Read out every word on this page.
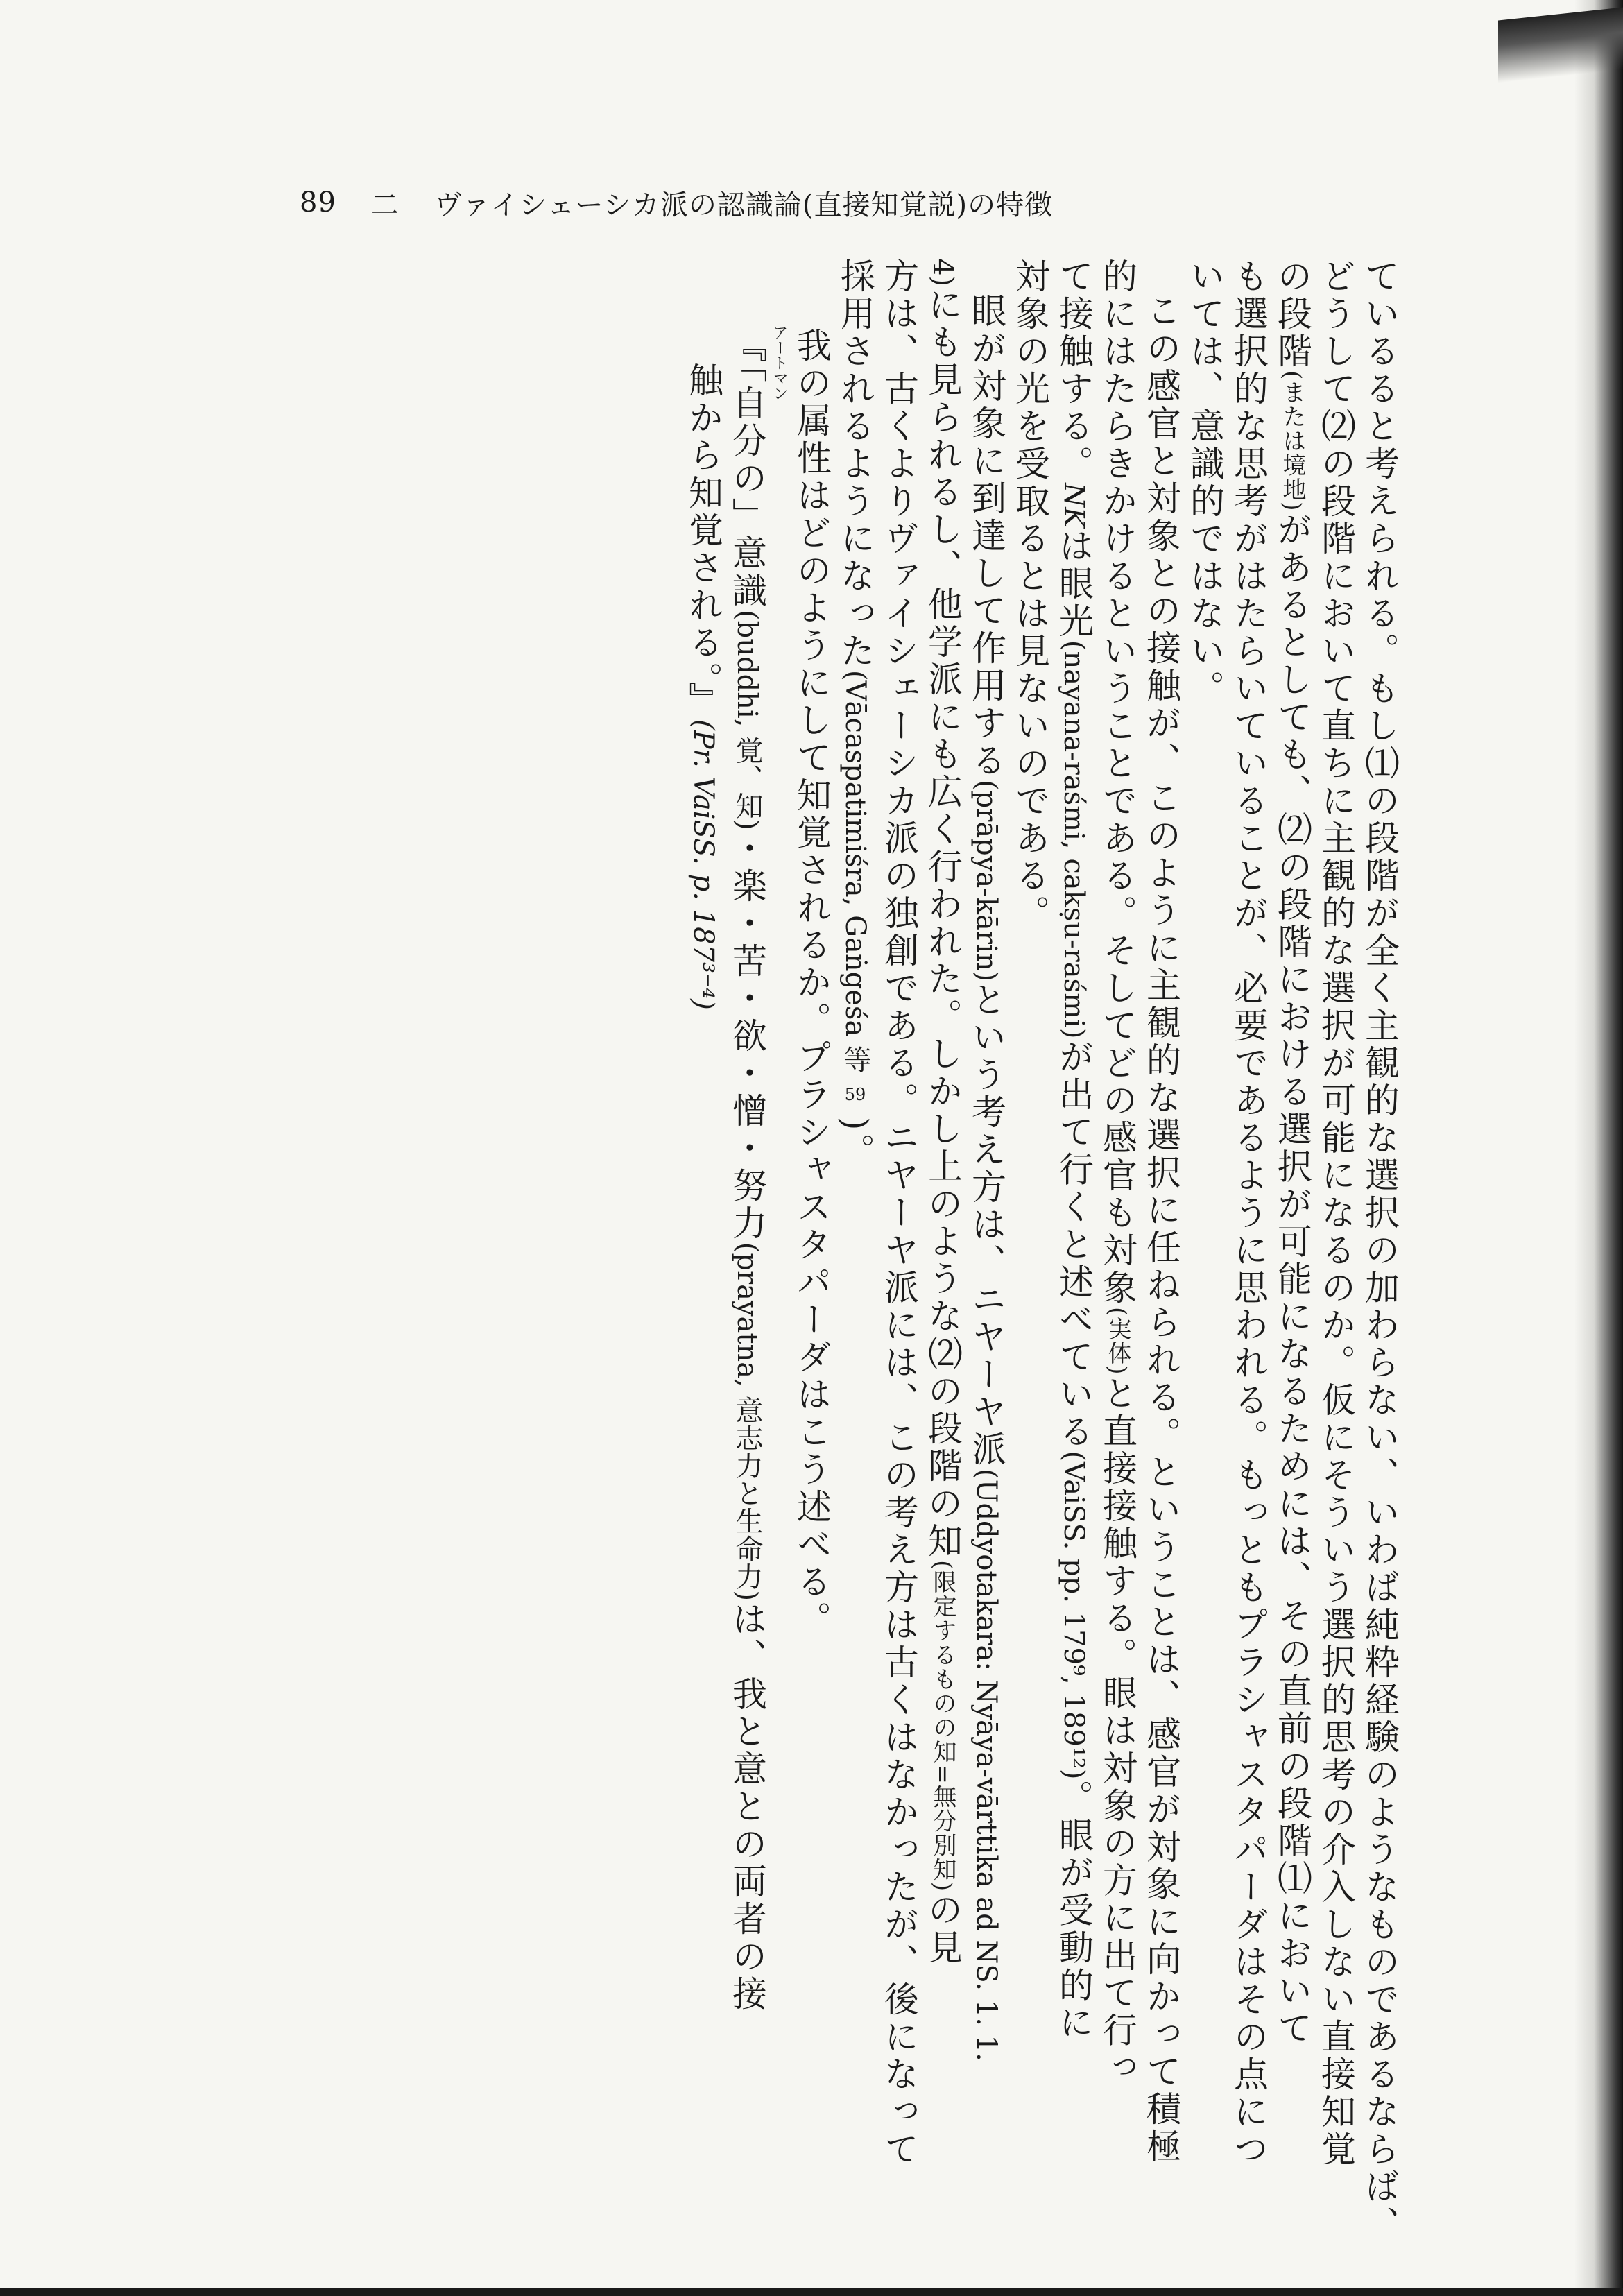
89 二 ヴァイシェーシカ派の認識論(直接知覚説)の特徴
ているると考えられる。もし⑴の段階が全く主観的な選択の加わらない、いわば純粋経験のようなものであるならば、
どうして⑵の段階において直ちに主観的な選択が可能になるのか。仮にそういう選択的思考の介入しない直接知覚
の段階(または境地)があるとしても、⑵の段階における選択が可能になるためには、その直前の段階⑴において
も選択的な思考がはたらいていることが、必要であるように思われる。もっともプラシャスタパーダはその点につ
いては、意識的ではない。
この感官と対象との接触が、このように主観的な選択に任ねられる。ということは、感官が対象に向かって積極
的にはたらきかけるということである。そしてどの感官も対象(実体)と直接接触する。眼は対象の方に出て行っ
て接触する。NKは眼光(nayana-raśmi, cakṣu-raśmi)が出て行くと述べている(VaiSS. pp. 179⁹, 189¹²)。眼が受動的に
対象の光を受取るとは見ないのである。
眼が対象に到達して作用する(prāpya-kārin)という考え方は、ニヤーヤ派(Uddyotakara: Nyāya-vārttika ad NS. 1. 1.
4)にも見られるし、他学派にも広く行われた。しかし上のような⑵の段階の知(限定するものの知=無分別知)の見
方は、古くよりヴァイシェーシカ派の独創である。ニヤーヤ派には、この考え方は古くはなかったが、後になって
採用されるようになった(Vācaspatimiśra, Gaṅgeśa 等59)。
我
アートマン
の属性はどのようにして知覚されるか。プラシャスタパーダはこう述べる。
『「自分の」意識(buddhi, 覚、知)・楽・苦・欲・憎・努力(prayatna, 意志力と生命力)は、我と意との両者の接
触から知覚される。』(Pr. VaiSS. p. 187³⁻⁴)
